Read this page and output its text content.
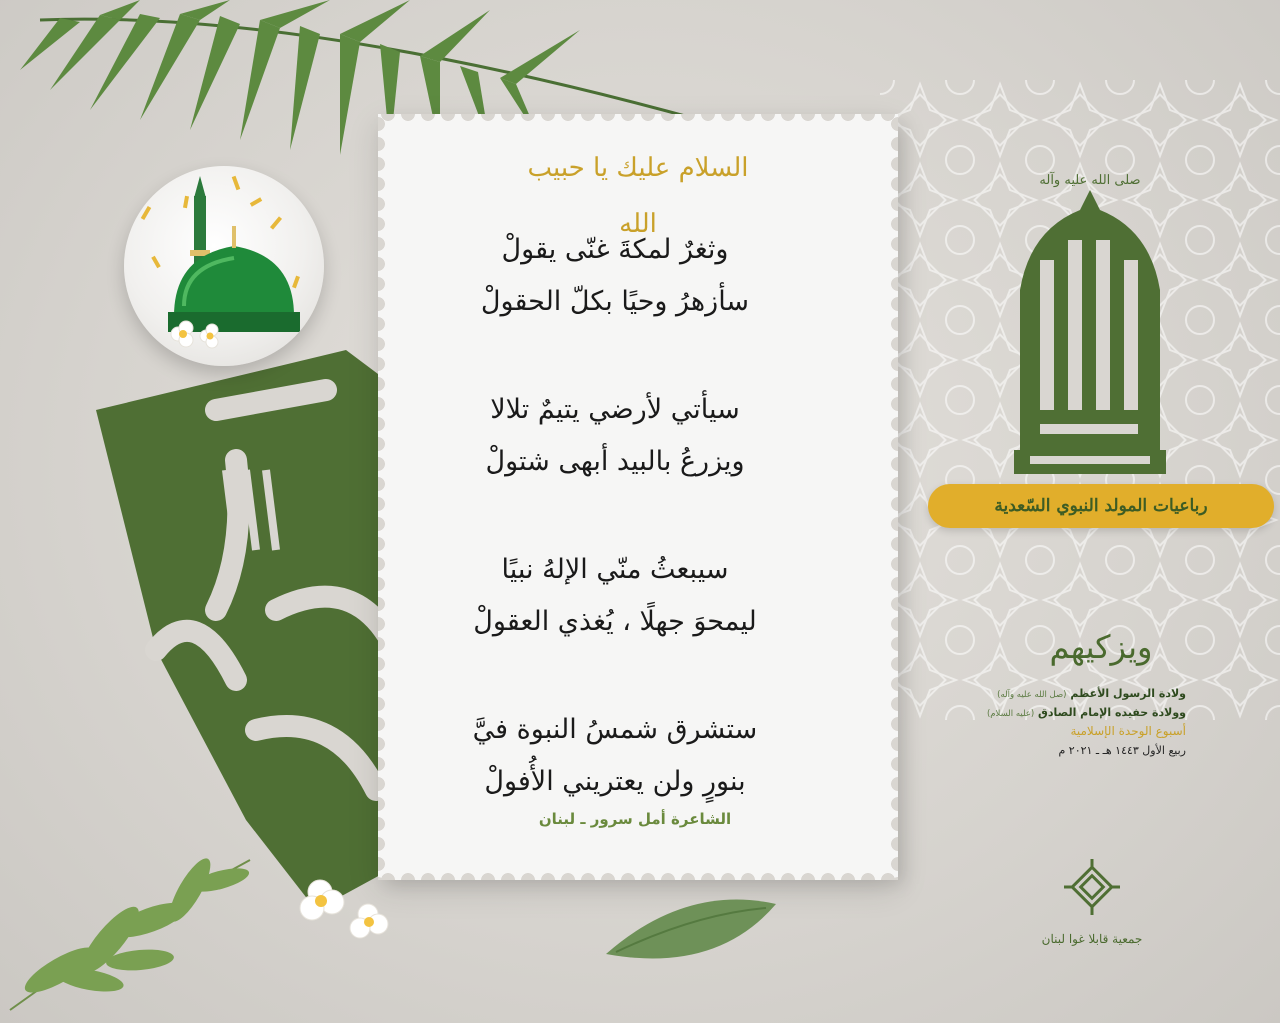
السلام عليك يا حبيب الله
وثغرٌ لمكةَ غنّى يقولْ
سأزهرُ وحيًا بكلّ الحقولْ
سيأتي لأرضي يتيمٌ تلالا
ويزرعُ بالبيد أبهى شتولْ
سيبعثُ منّي الإلهُ نبيًا
ليمحوَ جهلًا ، يُغذي العقولْ
ستشرق شمسُ النبوة فيَّ
بنورٍ ولن يعتريني الأُفولْ
الشاعرة أمل سرور ـ لبنان
صلى الله عليه وآله
رباعيات المولد النبوي السّعدية
ويزكيهم
ولادة الرسول الأعظم (صل الله عليه وآله)
وولادة حفيده الإمام الصادق (عليه السلام)
أسبوع الوحدة الإسلامية
ربيع الأول ١٤٤٣ هـ ـ ٢٠٢١ م
جمعية قابلا غوا لبنان
